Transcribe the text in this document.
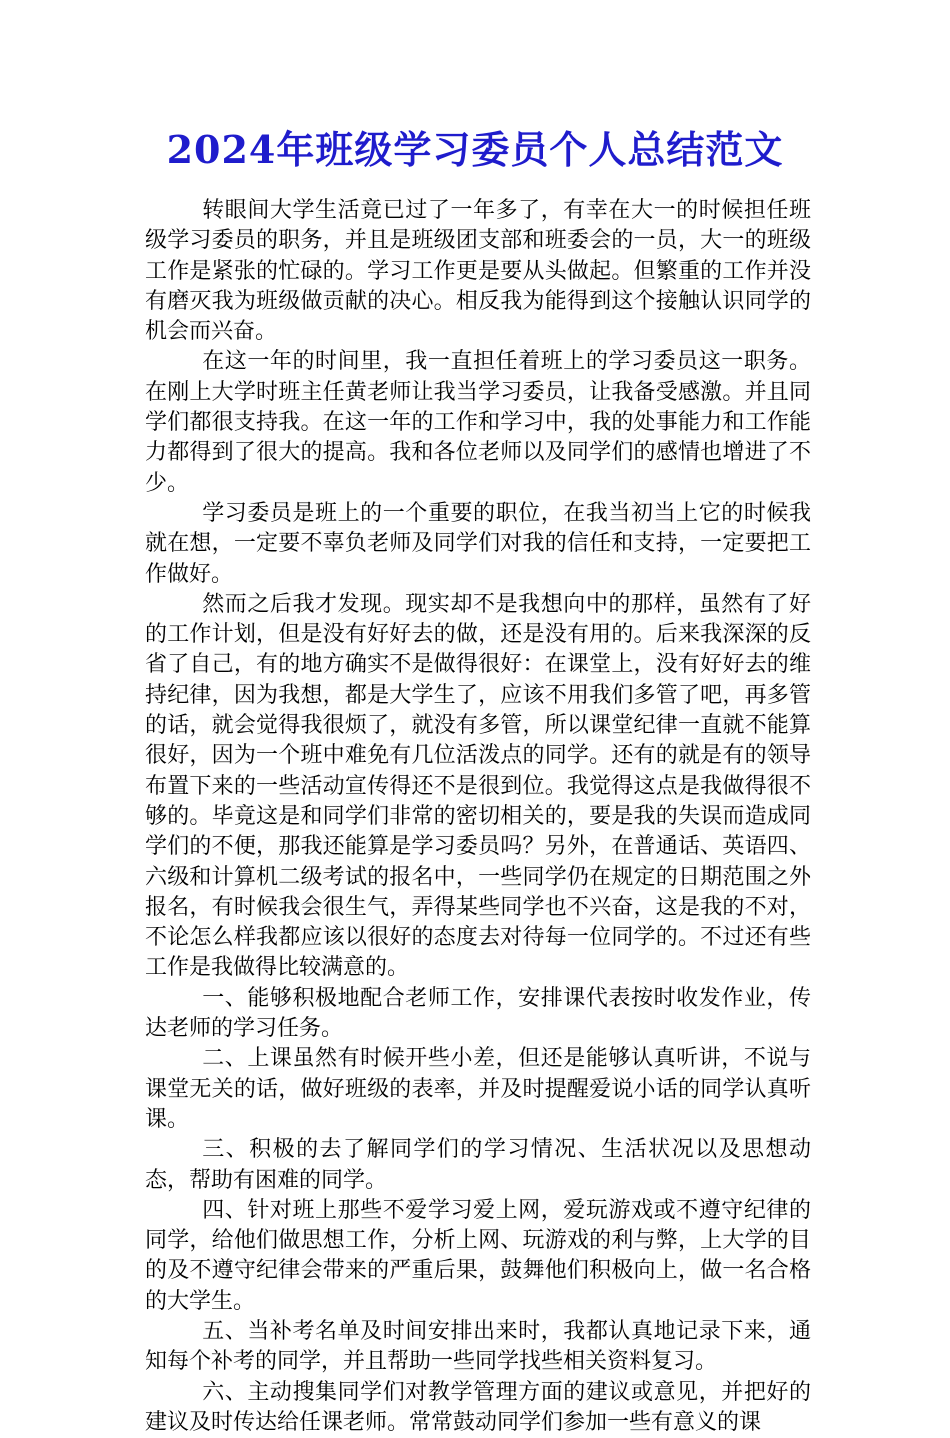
2024年班级学习委员个人总结范文

转眼间大学生活竟已过了一年多了，有幸在大一的时候担任班级学习委员的职务，并且是班级团支部和班委会的一员，大一的班级工作是紧张的忙碌的。学习工作更是要从头做起。但繁重的工作并没有磨灭我为班级做贡献的决心。相反我为能得到这个接触认识同学的机会而兴奋。

在这一年的时间里，我一直担任着班上的学习委员这一职务。在刚上大学时班主任黄老师让我当学习委员，让我备受感激。并且同学们都很支持我。在这一年的工作和学习中，我的处事能力和工作能力都得到了很大的提高。我和各位老师以及同学们的感情也增进了不少。

学习委员是班上的一个重要的职位，在我当初当上它的时候我就在想，一定要不辜负老师及同学们对我的信任和支持，一定要把工作做好。

然而之后我才发现。现实却不是我想向中的那样，虽然有了好的工作计划，但是没有好好去的做，还是没有用的。后来我深深的反省了自己，有的地方确实不是做得很好：在课堂上，没有好好去的维持纪律，因为我想，都是大学生了，应该不用我们多管了吧，再多管的话，就会觉得我很烦了，就没有多管，所以课堂纪律一直就不能算很好，因为一个班中难免有几位活泼点的同学。还有的就是有的领导布置下来的一些活动宣传得还不是很到位。我觉得这点是我做得很不够的。毕竟这是和同学们非常的密切相关的，要是我的失误而造成同学们的不便，那我还能算是学习委员吗？另外，在普通话、英语四、六级和计算机二级考试的报名中，一些同学仍在规定的日期范围之外报名，有时候我会很生气，弄得某些同学也不兴奋，这是我的不对，不论怎么样我都应该以很好的态度去对待每一位同学的。不过还有些工作是我做得比较满意的。

一、能够积极地配合老师工作，安排课代表按时收发作业，传达老师的学习任务。

二、上课虽然有时候开些小差，但还是能够认真听讲，不说与课堂无关的话，做好班级的表率，并及时提醒爱说小话的同学认真听课。

三、积极的去了解同学们的学习情况、生活状况以及思想动态，帮助有困难的同学。

四、针对班上那些不爱学习爱上网，爱玩游戏或不遵守纪律的同学，给他们做思想工作，分析上网、玩游戏的利与弊，上大学的目的及不遵守纪律会带来的严重后果，鼓舞他们积极向上，做一名合格的大学生。

五、当补考名单及时间安排出来时，我都认真地记录下来，通知每个补考的同学，并且帮助一些同学找些相关资料复习。

六、主动搜集同学们对教学管理方面的建议或意见，并把好的建议及时传达给任课老师。常常鼓动同学们参加一些有意义的课
